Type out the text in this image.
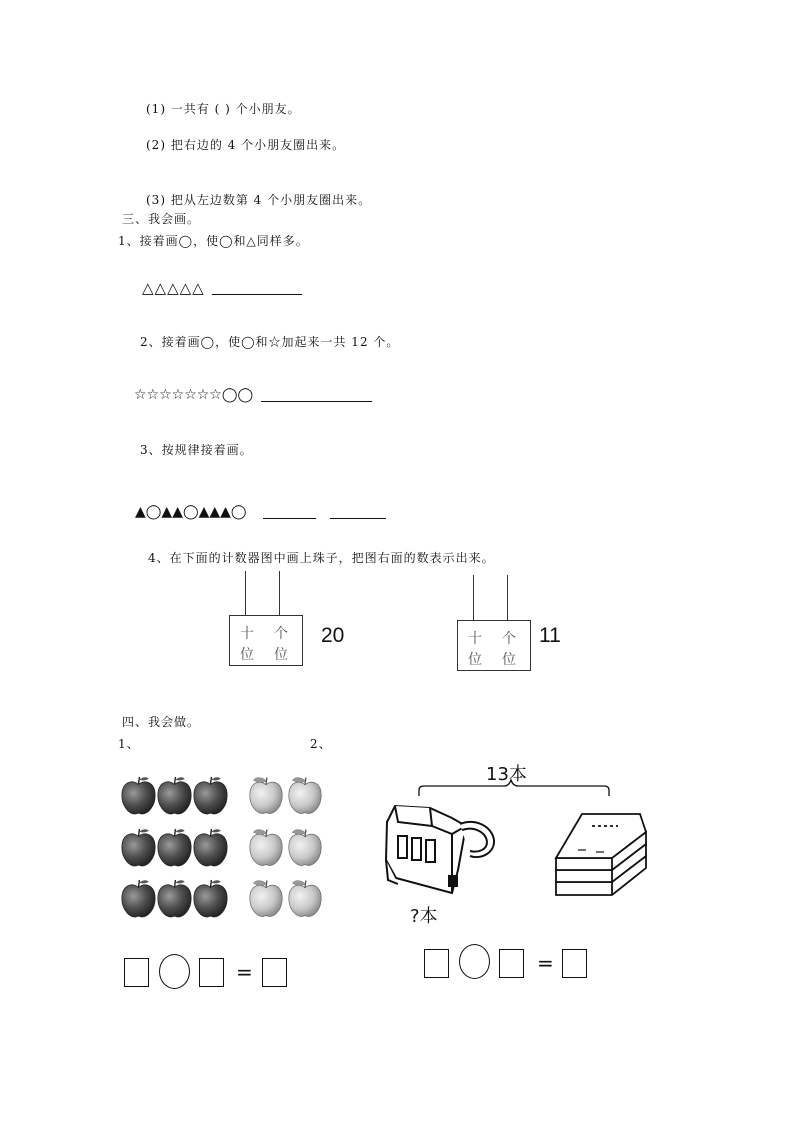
(1) 一共有 ( ) 个小朋友。
(2) 把右边的 4 个小朋友圈出来。
(3) 把从左边数第 4 个小朋友圈出来。
三、我会画。
1、接着画◯，使◯和△同样多。
△△△△△
2、接着画◯，使◯和☆加起来一共 12 个。
☆☆☆☆☆☆☆◯◯
3、按规律接着画。
▲◯▲▲◯▲▲▲◯
4、在下面的计数器图中画上珠子，把图右面的数表示出来。
十 个
位 位
20	十 个
位 位
11
四、我会做。
1、	2、
13本
?本
=	=
